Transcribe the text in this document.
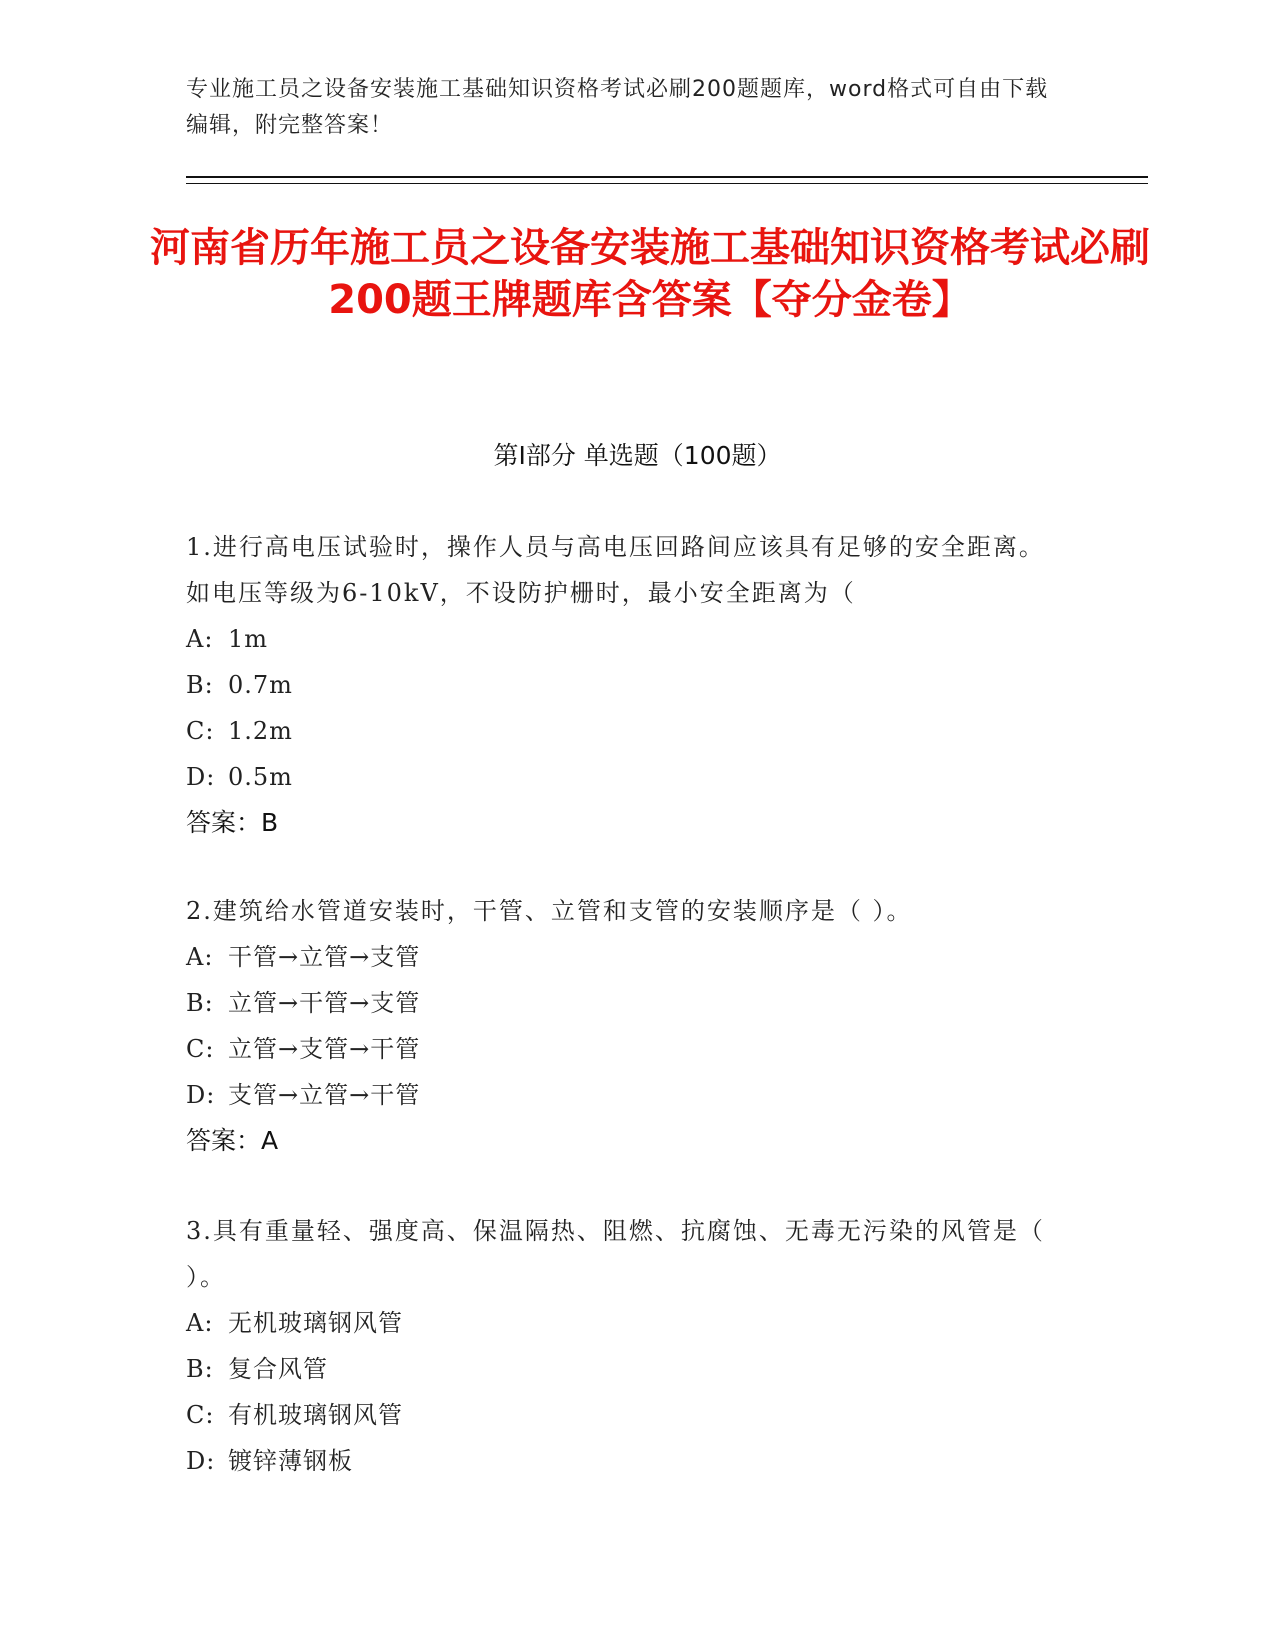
专业施工员之设备安装施工基础知识资格考试必刷200题题库，word格式可自由下载编辑，附完整答案！
河南省历年施工员之设备安装施工基础知识资格考试必刷200题王牌题库含答案【夺分金卷】
第Ⅰ部分 单选题（100题）
1.进行高电压试验时，操作人员与高电压回路间应该具有足够的安全距离。如电压等级为6-10kV，不设防护栅时，最小安全距离为（
A: 1m
B: 0.7m
C: 1.2m
D: 0.5m
答案：B
2.建筑给水管道安装时，干管、立管和支管的安装顺序是（ ）。
A: 干管→立管→支管
B: 立管→干管→支管
C: 立管→支管→干管
D: 支管→立管→干管
答案：A
3.具有重量轻、强度高、保温隔热、阻燃、抗腐蚀、无毒无污染的风管是（ ）。
A: 无机玻璃钢风管
B: 复合风管
C: 有机玻璃钢风管
D: 镀锌薄钢板
